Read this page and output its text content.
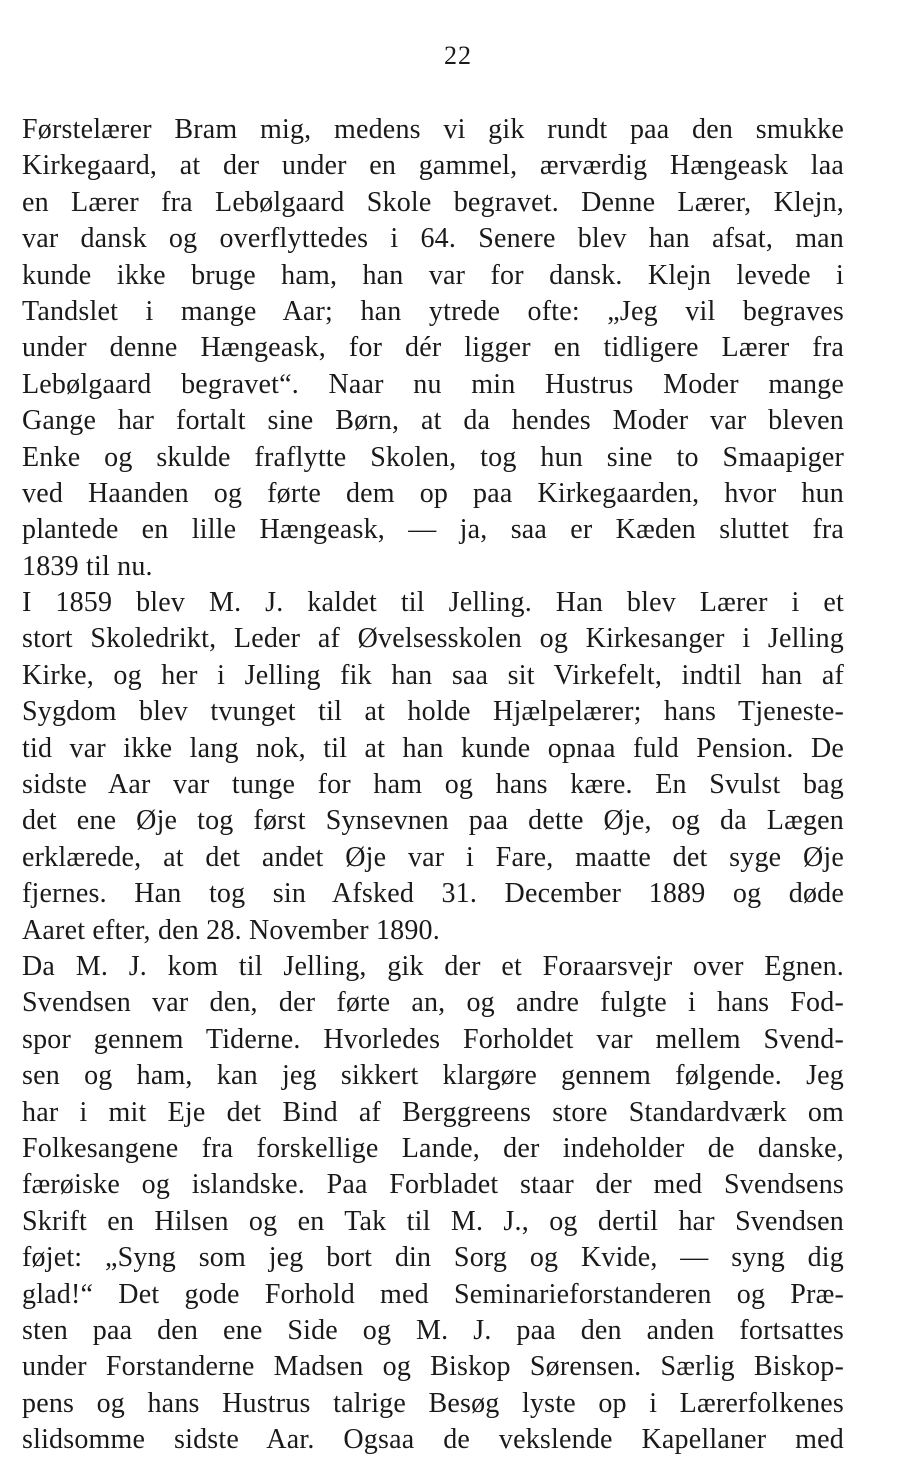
22
Førstelærer Bram mig, medens vi gik rundt paa den smukke
Kirkegaard, at der under en gammel, ærværdig Hængeask laa
en Lærer fra Lebølgaard Skole begravet. Denne Lærer, Klejn,
var dansk og overflyttedes i 64. Senere blev han afsat, man
kunde ikke bruge ham, han var for dansk. Klejn levede i
Tandslet i mange Aar; han ytrede ofte: „Jeg vil begraves
under denne Hængeask, for dér ligger en tidligere Lærer fra
Lebølgaard begravet“. Naar nu min Hustrus Moder mange
Gange har fortalt sine Børn, at da hendes Moder var bleven
Enke og skulde fraflytte Skolen, tog hun sine to Smaapiger
ved Haanden og førte dem op paa Kirkegaarden, hvor hun
plantede en lille Hængeask, — ja, saa er Kæden sluttet fra
1839 til nu.
I 1859 blev M. J. kaldet til Jelling. Han blev Lærer i et
stort Skoledrikt, Leder af Øvelsesskolen og Kirkesanger i Jelling
Kirke, og her i Jelling fik han saa sit Virkefelt, indtil han af
Sygdom blev tvunget til at holde Hjælpelærer; hans Tjeneste-
tid var ikke lang nok, til at han kunde opnaa fuld Pension. De
sidste Aar var tunge for ham og hans kære. En Svulst bag
det ene Øje tog først Synsevnen paa dette Øje, og da Lægen
erklærede, at det andet Øje var i Fare, maatte det syge Øje
fjernes. Han tog sin Afsked 31. December 1889 og døde
Aaret efter, den 28. November 1890.
Da M. J. kom til Jelling, gik der et Foraarsvejr over Egnen.
Svendsen var den, der førte an, og andre fulgte i hans Fod-
spor gennem Tiderne. Hvorledes Forholdet var mellem Svend-
sen og ham, kan jeg sikkert klargøre gennem følgende. Jeg
har i mit Eje det Bind af Berggreens store Standardværk om
Folkesangene fra forskellige Lande, der indeholder de danske,
færøiske og islandske. Paa Forbladet staar der med Svendsens
Skrift en Hilsen og en Tak til M. J., og dertil har Svendsen
føjet: „Syng som jeg bort din Sorg og Kvide, — syng dig
glad!“ Det gode Forhold med Seminarieforstanderen og Præ-
sten paa den ene Side og M. J. paa den anden fortsattes
under Forstanderne Madsen og Biskop Sørensen. Særlig Biskop-
pens og hans Hustrus talrige Besøg lyste op i Lærerfolkenes
slidsomme sidste Aar. Ogsaa de vekslende Kapellaner med
